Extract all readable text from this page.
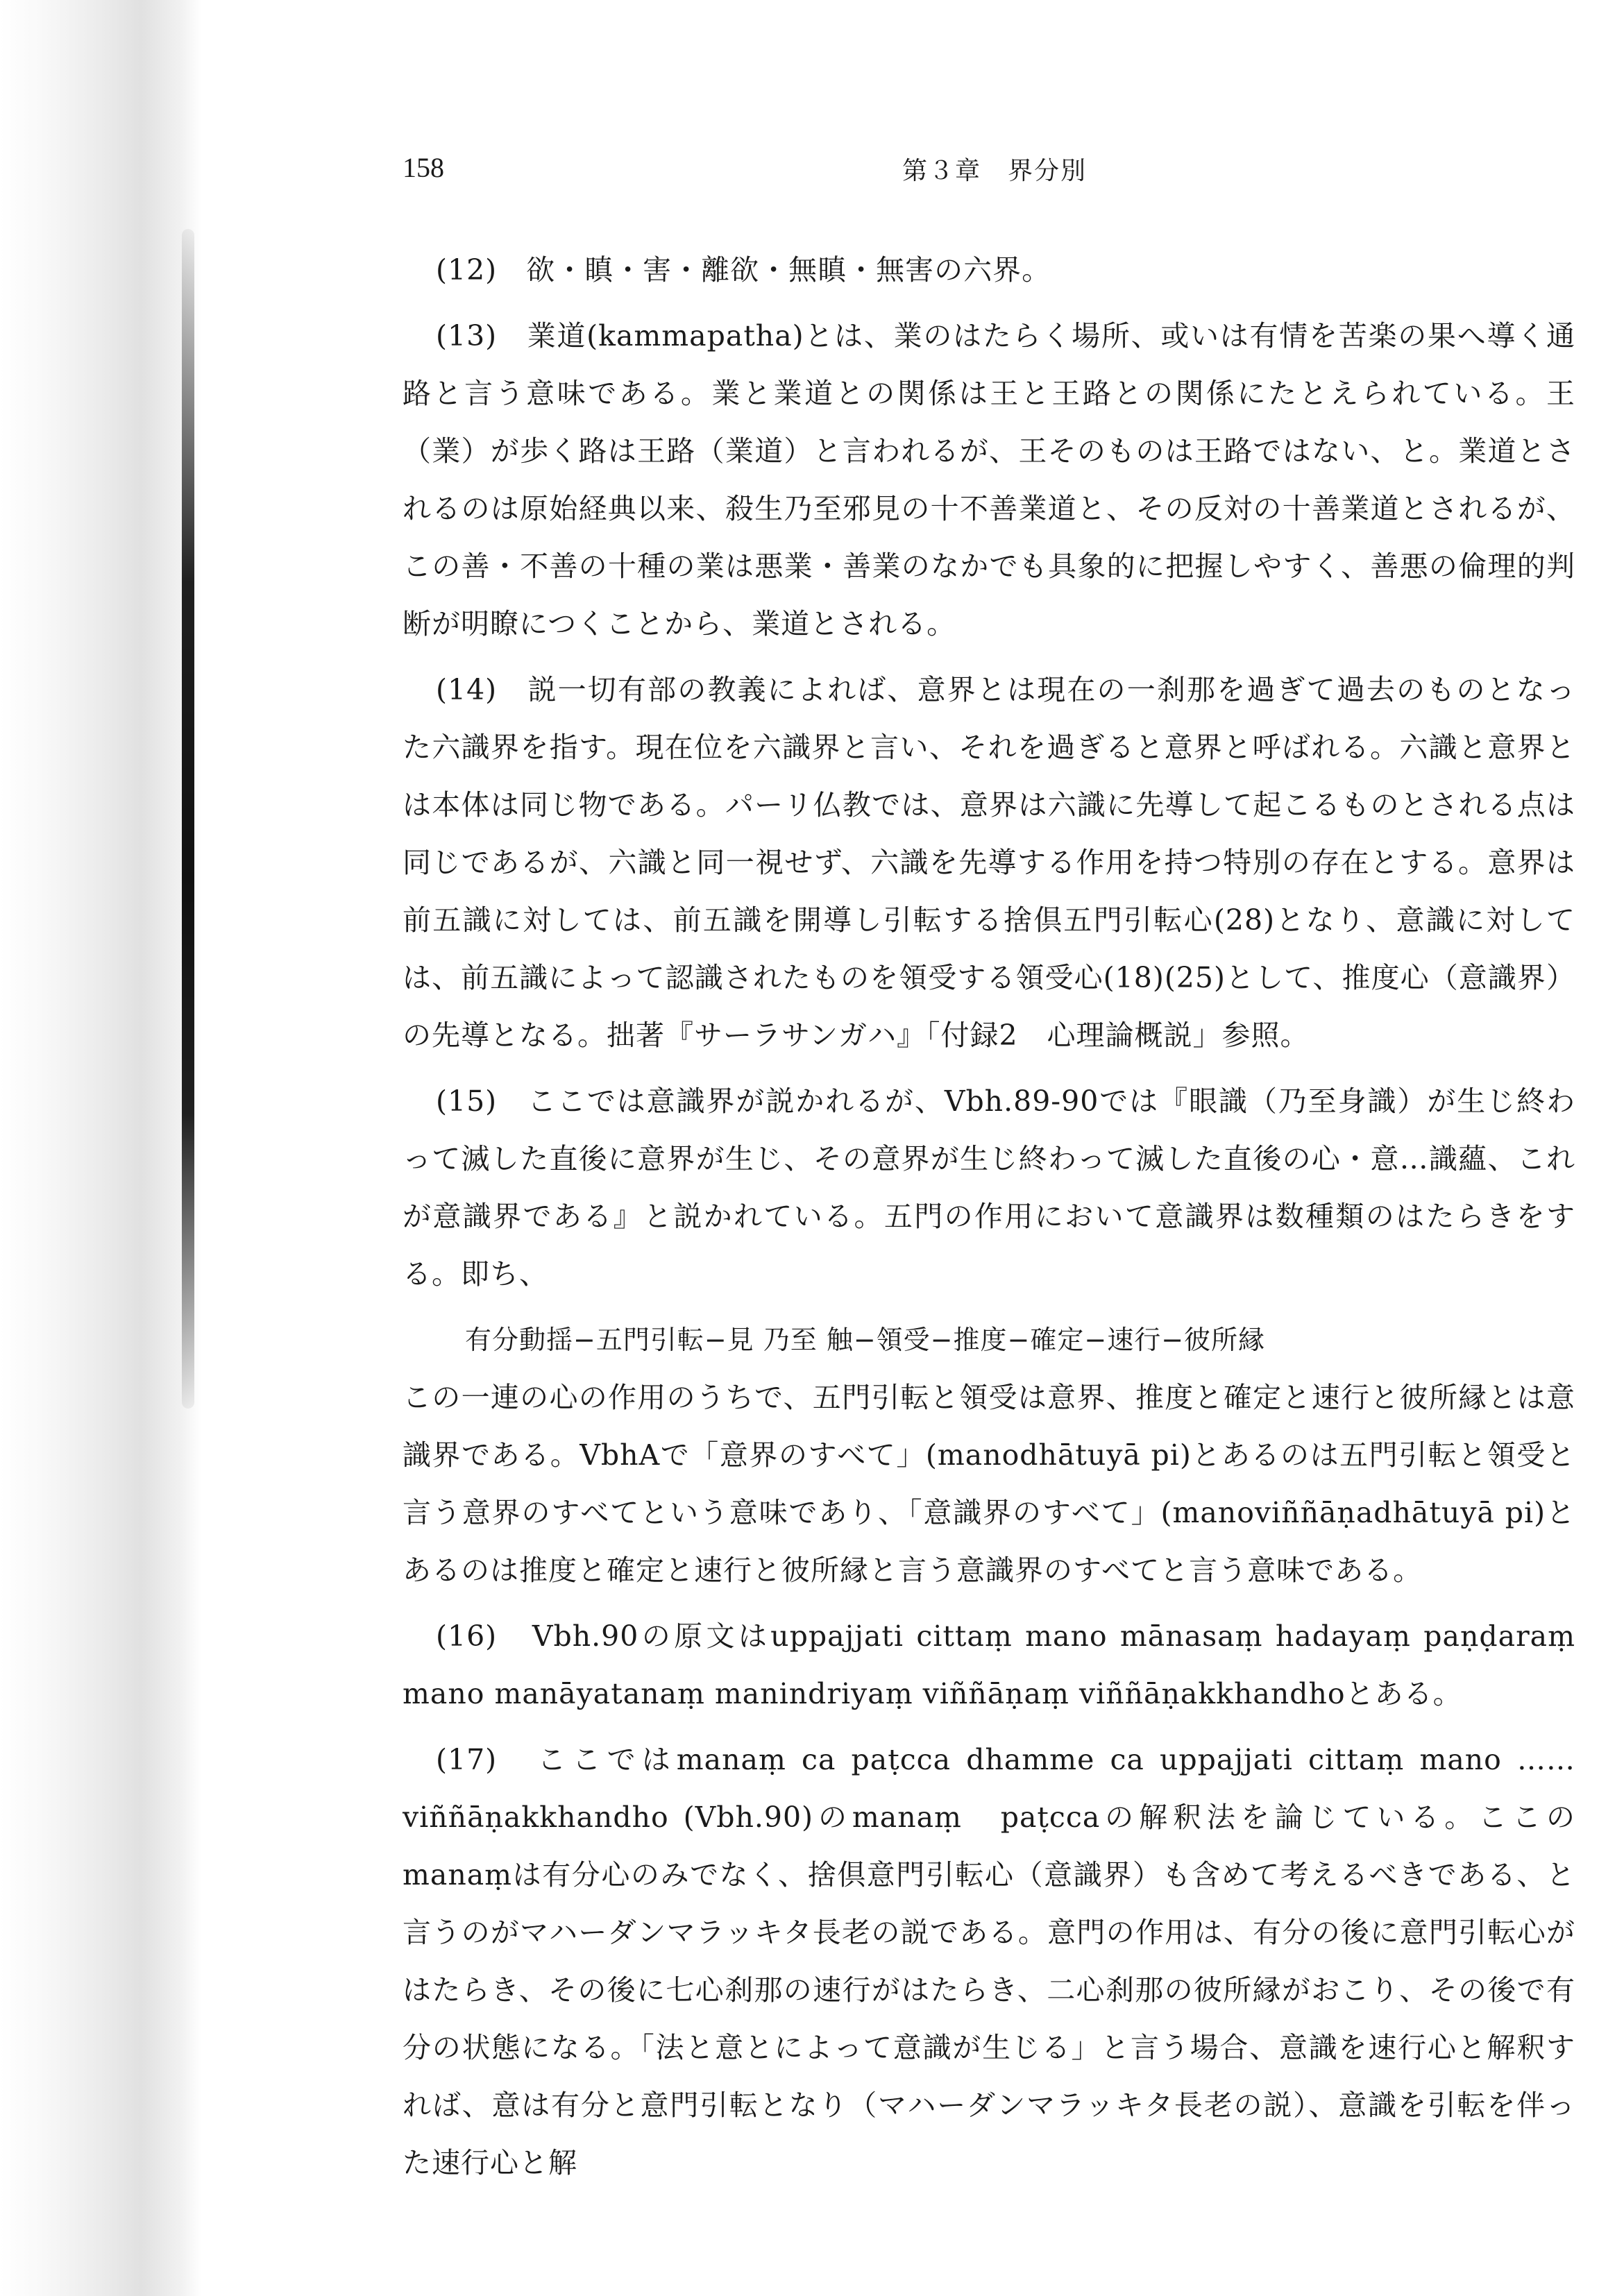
158	第３章　界分別

(12)　欲・瞋・害・離欲・無瞋・無害の六界。

(13)　業道(kammapatha)とは、業のはたらく場所、或いは有情を苦楽の果へ導く通路と言う意味である。業と業道との関係は王と王路との関係にたとえられている。王（業）が歩く路は王路（業道）と言われるが、王そのものは王路ではない、と。業道とされるのは原始経典以来、殺生乃至邪見の十不善業道と、その反対の十善業道とされるが、この善・不善の十種の業は悪業・善業のなかでも具象的に把握しやすく、善悪の倫理的判断が明瞭につくことから、業道とされる。

(14)　説一切有部の教義によれば、意界とは現在の一刹那を過ぎて過去のものとなった六識界を指す。現在位を六識界と言い、それを過ぎると意界と呼ばれる。六識と意界とは本体は同じ物である。パーリ仏教では、意界は六識に先導して起こるものとされる点は同じであるが、六識と同一視せず、六識を先導する作用を持つ特別の存在とする。意界は前五識に対しては、前五識を開導し引転する捨倶五門引転心(28)となり、意識に対しては、前五識によって認識されたものを領受する領受心(18)(25)として、推度心（意識界）の先導となる。拙著『サーラサンガハ』「付録2　心理論概説」参照。

(15)　ここでは意識界が説かれるが、Vbh.89-90では『眼識（乃至身識）が生じ終わって滅した直後に意界が生じ、その意界が生じ終わって滅した直後の心・意…識蘊、これが意識界である』と説かれている。五門の作用において意識界は数種類のはたらきをする。即ち、

有分動揺−五門引転−見 乃至 触−領受−推度−確定−速行−彼所縁

この一連の心の作用のうちで、五門引転と領受は意界、推度と確定と速行と彼所縁とは意識界である。VbhAで「意界のすべて」(manodhātuyā pi)とあるのは五門引転と領受と言う意界のすべてという意味であり、「意識界のすべて」(manoviññāṇadhātuyā pi)とあるのは推度と確定と速行と彼所縁と言う意識界のすべてと言う意味である。

(16)　Vbh.90の原文はuppajjati cittaṃ mano mānasaṃ hadayaṃ paṇḍaraṃ mano manāyatanaṃ manindriyaṃ viññāṇaṃ viññāṇakkhandhoとある。

(17)　ここではmanaṃ ca paṭcca dhamme ca uppajjati cittaṃ mano …… viññāṇakkhandho (Vbh.90)のmanaṃ　paṭccaの解釈法を論じている。ここのmanaṃは有分心のみでなく、捨倶意門引転心（意識界）も含めて考えるべきである、と言うのがマハーダンマラッキタ長老の説である。意門の作用は、有分の後に意門引転心がはたらき、その後に七心刹那の速行がはたらき、二心刹那の彼所縁がおこり、その後で有分の状態になる。「法と意とによって意識が生じる」と言う場合、意識を速行心と解釈すれば、意は有分と意門引転となり（マハーダンマラッキタ長老の説）、意識を引転を伴った速行心と解
